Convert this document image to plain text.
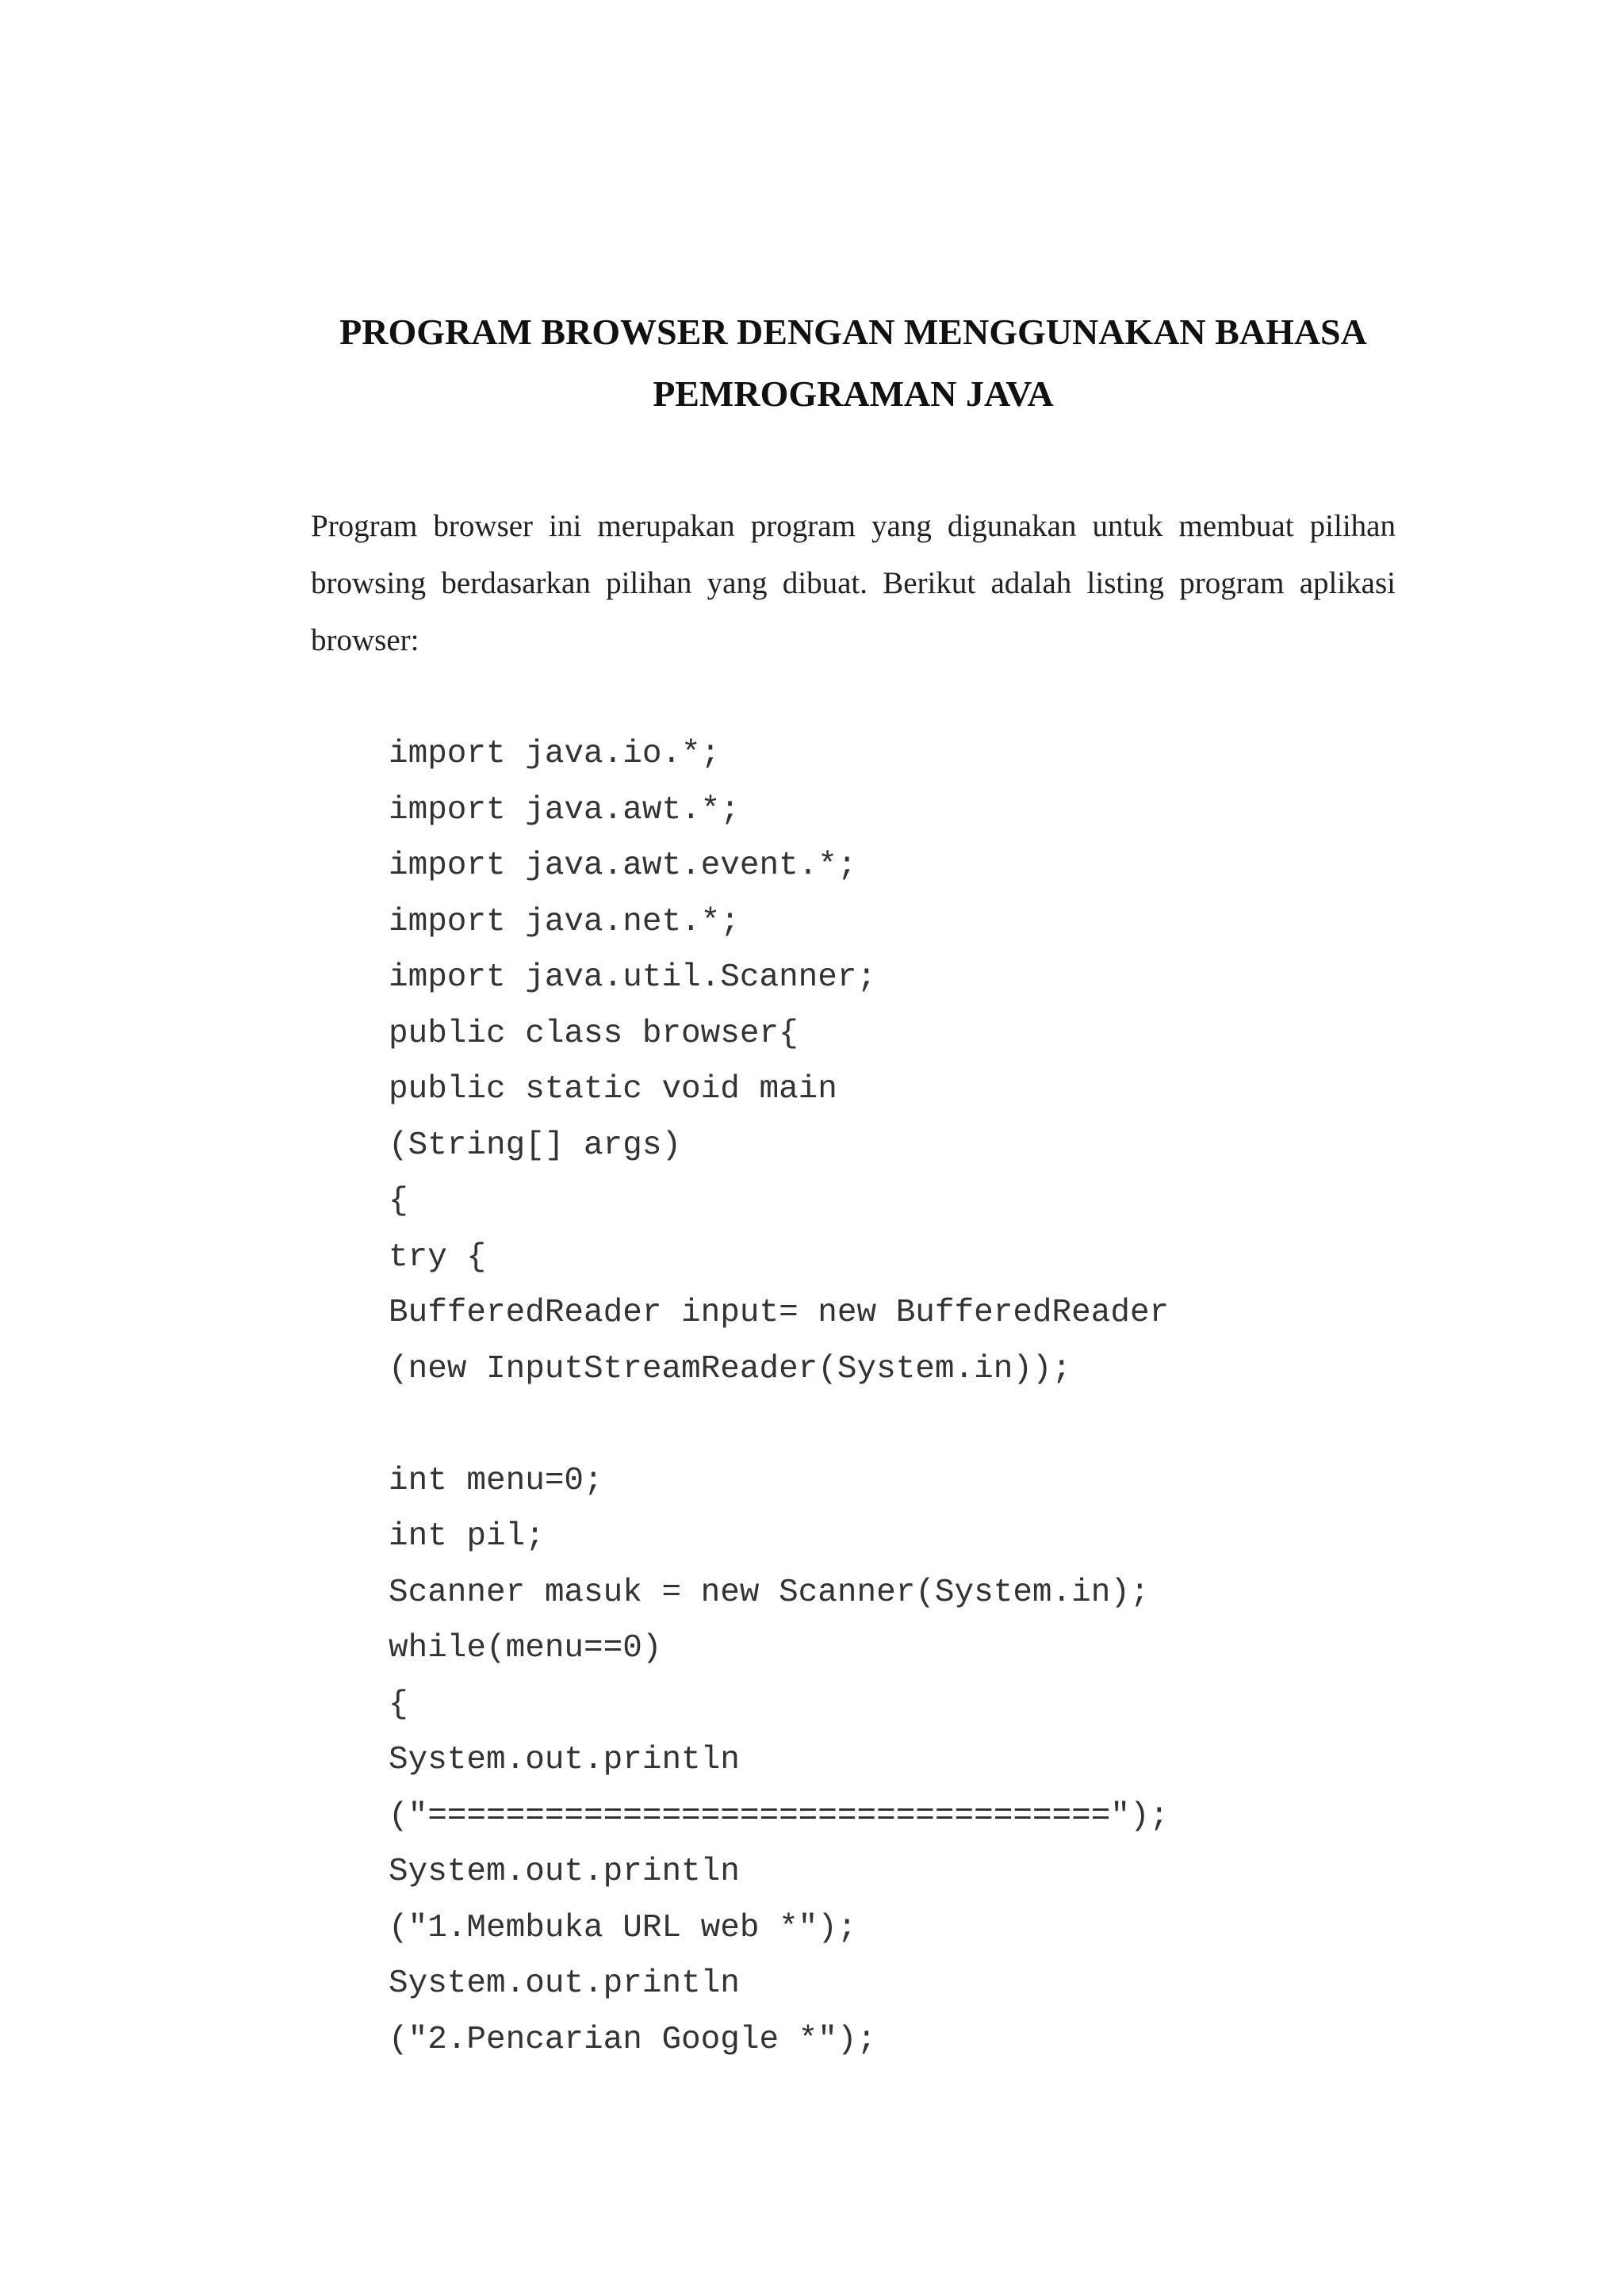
PROGRAM BROWSER DENGAN MENGGUNAKAN BAHASA
PEMROGRAMAN JAVA
Program browser ini merupakan program yang digunakan untuk membuat pilihan
browsing berdasarkan pilihan yang dibuat. Berikut adalah listing program aplikasi
browser:
import java.io.*;
import java.awt.*;
import java.awt.event.*;
import java.net.*;
import java.util.Scanner;
public class browser{
public static void main
(String[] args)
{
try {
BufferedReader input= new BufferedReader
(new InputStreamReader(System.in));
int menu=0;
int pil;
Scanner masuk = new Scanner(System.in);
while(menu==0)
{
System.out.println
("===================================");
System.out.println
("1.Membuka URL web *");
System.out.println
("2.Pencarian Google *");
